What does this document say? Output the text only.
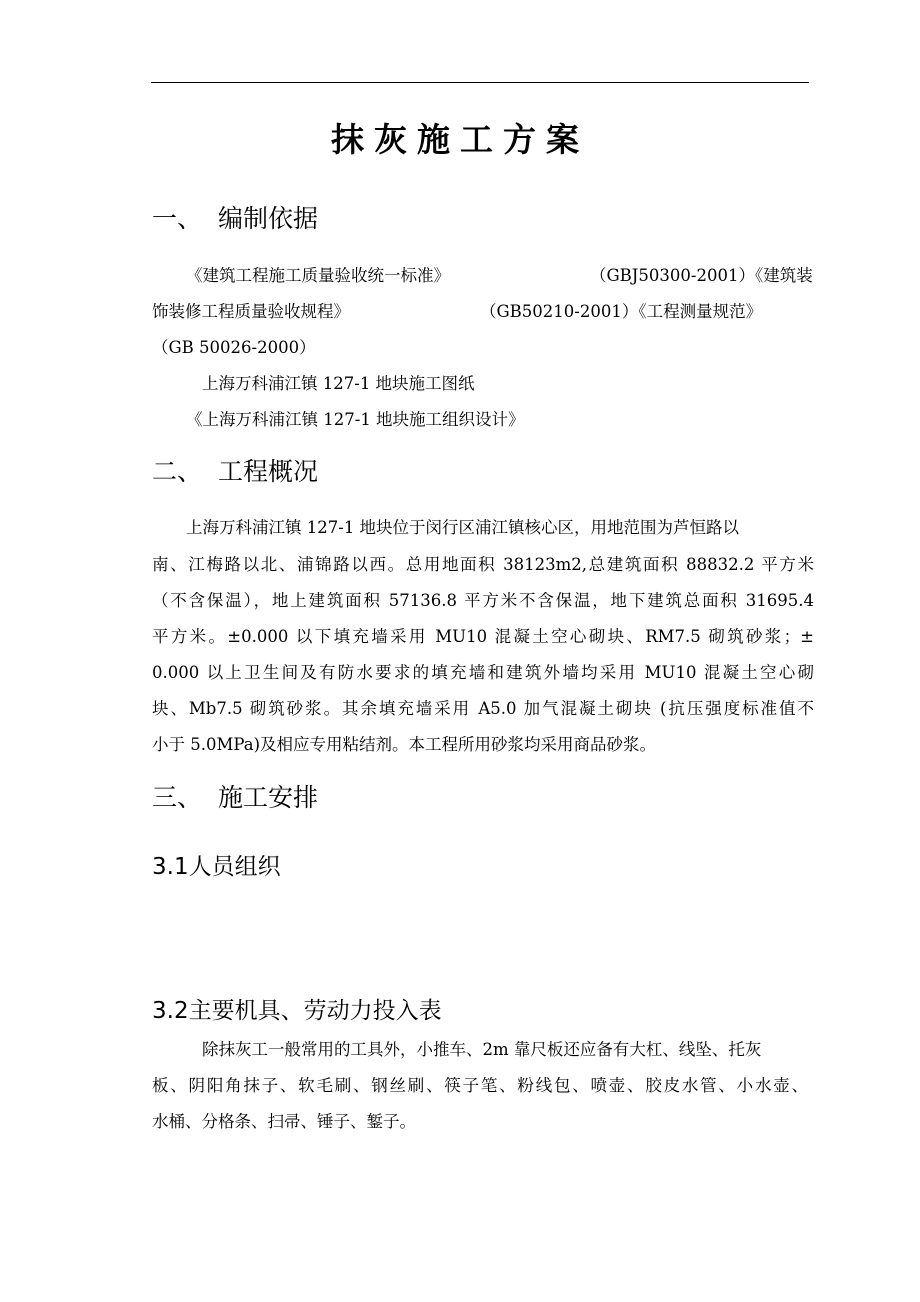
抹灰施工方案
一、 编制依据
《建筑工程施工质量验收统一标准》	（GBJ50300-2001）《建筑装
饰装修工程质量验收规程》	（GB50210-2001）《工程测量规范》
（GB 50026-2000）
上海万科浦江镇 127-1 地块施工图纸
《上海万科浦江镇 127-1 地块施工组织设计》
二、 工程概况
上海万科浦江镇 127-1 地块位于闵行区浦江镇核心区，用地范围为芦恒路以
南、江梅路以北、浦锦路以西。总用地面积 38123m2,总建筑面积 88832.2 平方米
（不含保温），地上建筑面积 57136.8 平方米不含保温，地下建筑总面积 31695.4
平方米。±0.000 以下填充墙采用 MU10 混凝土空心砌块、RM7.5 砌筑砂浆；±
0.000 以上卫生间及有防水要求的填充墙和建筑外墙均采用 MU10 混凝土空心砌
块、Mb7.5 砌筑砂浆。其余填充墙采用 A5.0 加气混凝土砌块 (抗压强度标准值不
小于 5.0MPa)及相应专用粘结剂。本工程所用砂浆均采用商品砂浆。
三、 施工安排
3.1人员组织
3.2主要机具、劳动力投入表
除抹灰工一般常用的工具外，小推车、2m 靠尺板还应备有大杠、线坠、托灰
板、阴阳角抹子、软毛刷、钢丝刷、筷子笔、粉线包、喷壶、胶皮水管、小水壶、
水桶、分格条、扫帚、锤子、錾子。
